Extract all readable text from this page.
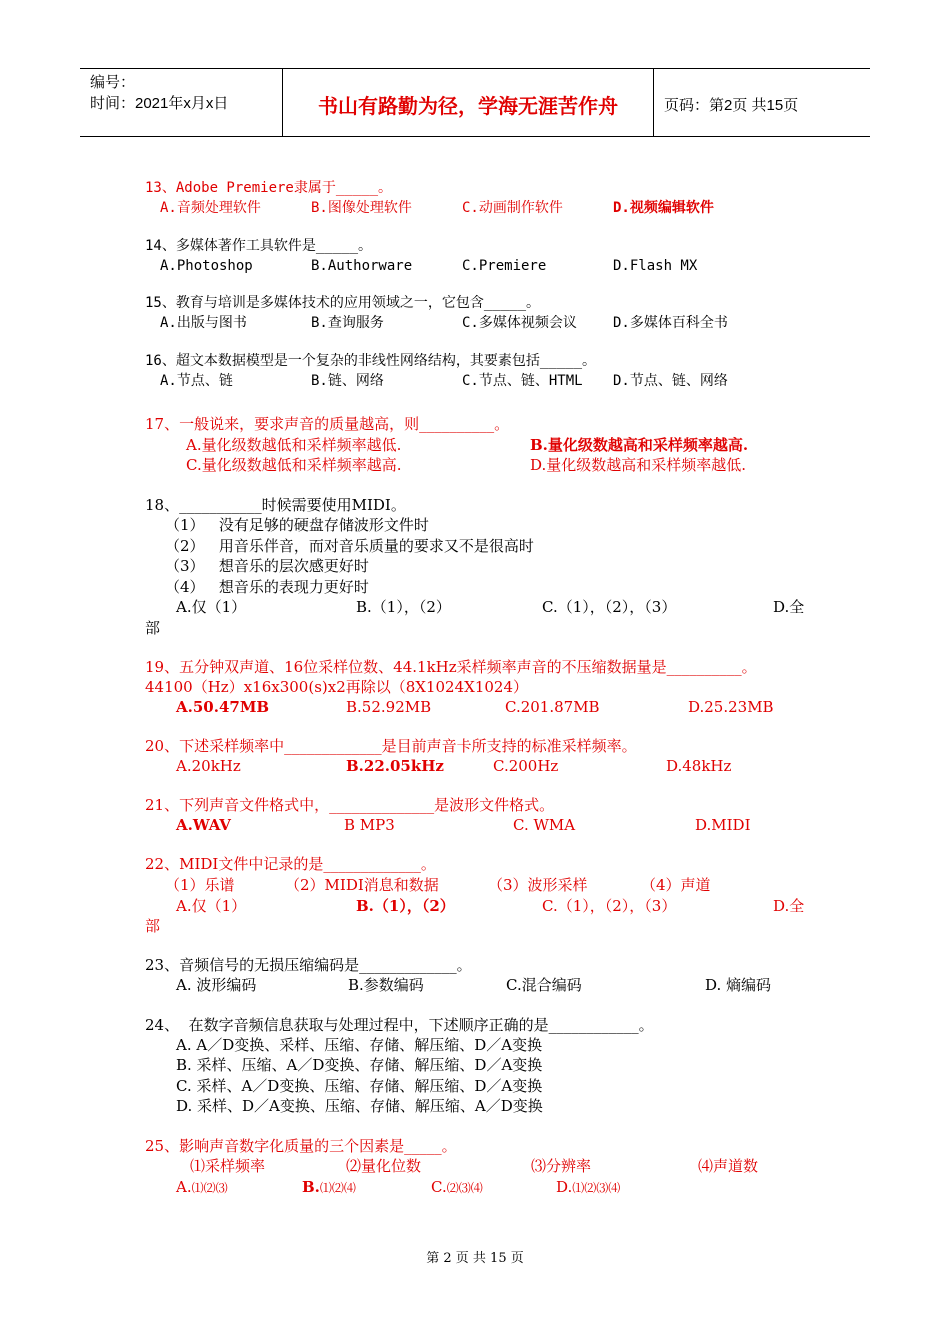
编号：
时间：2021年x月x日	书山有路勤为径，学海无涯苦作舟	页码：第2页 共15页
13、Adobe Premiere隶属于_____。
A.音频处理软件	B.图像处理软件	C.动画制作软件	D.视频编辑软件
14、多媒体著作工具软件是_____。
A.Photoshop	B.Authorware	C.Premiere	D.Flash MX
15、教育与培训是多媒体技术的应用领域之一，它包含_____。
A.出版与图书	B.查询服务	C.多媒体视频会议	D.多媒体百科全书
16、超文本数据模型是一个复杂的非线性网络结构，其要素包括_____。
A.节点、链	B.链、网络	C.节点、链、HTML D.节点、链、网络
17、一般说来，要求声音的质量越高，则__________。
A.量化级数越低和采样频率越低.	B.量化级数越高和采样频率越高.
C.量化级数越低和采样频率越高.	D.量化级数越高和采样频率越低.
18、___________时候需要使用MIDI。
（1）   没有足够的硬盘存储波形文件时
（2）   用音乐伴音，而对音乐质量的要求又不是很高时
（3）   想音乐的层次感更好时
（4）   想音乐的表现力更好时
A.仅（1）	B.（1），（2）	C.（1），（2），（3）	D.全
部
19、五分钟双声道、16位采样位数、44.1kHz采样频率声音的不压缩数据量是__________。
44100（Hz）x16x300(s)x2再除以（8X1024X1024）
A.50.47MB	B.52.92MB	C.201.87MB	D.25.23MB
20、下述采样频率中_____________是目前声音卡所支持的标准采样频率。
A.20kHz	B.22.05kHz	C.200Hz	D.48kHz
21、下列声音文件格式中，______________是波形文件格式。
A.WAV	B MP3	C. WMA	D.MIDI
22、MIDI文件中记录的是_____________。
（1）乐谱	（2）MIDI消息和数据	（3）波形采样	（4）声道
A.仅（1）	B.（1），（2）	C.（1），（2），（3）	D.全
部
23、音频信号的无损压缩编码是_____________。
A. 波形编码	B.参数编码	C.混合编码	D. 熵编码
24、  在数字音频信息获取与处理过程中，下述顺序正确的是____________。
A. A／D变换、采样、压缩、存储、解压缩、D／A变换
B. 采样、压缩、A／D变换、存储、解压缩、D／A变换
C. 采样、A／D变换、压缩、存储、解压缩、D／A变换
D. 采样、D／A变换、压缩、存储、解压缩、A／D变换
25、影响声音数字化质量的三个因素是_____。
⑴采样频率	⑵量化位数	⑶分辨率	⑷声道数
A.⑴⑵⑶	B.⑴⑵⑷	C.⑵⑶⑷	D.⑴⑵⑶⑷
第 2 页 共 15 页
